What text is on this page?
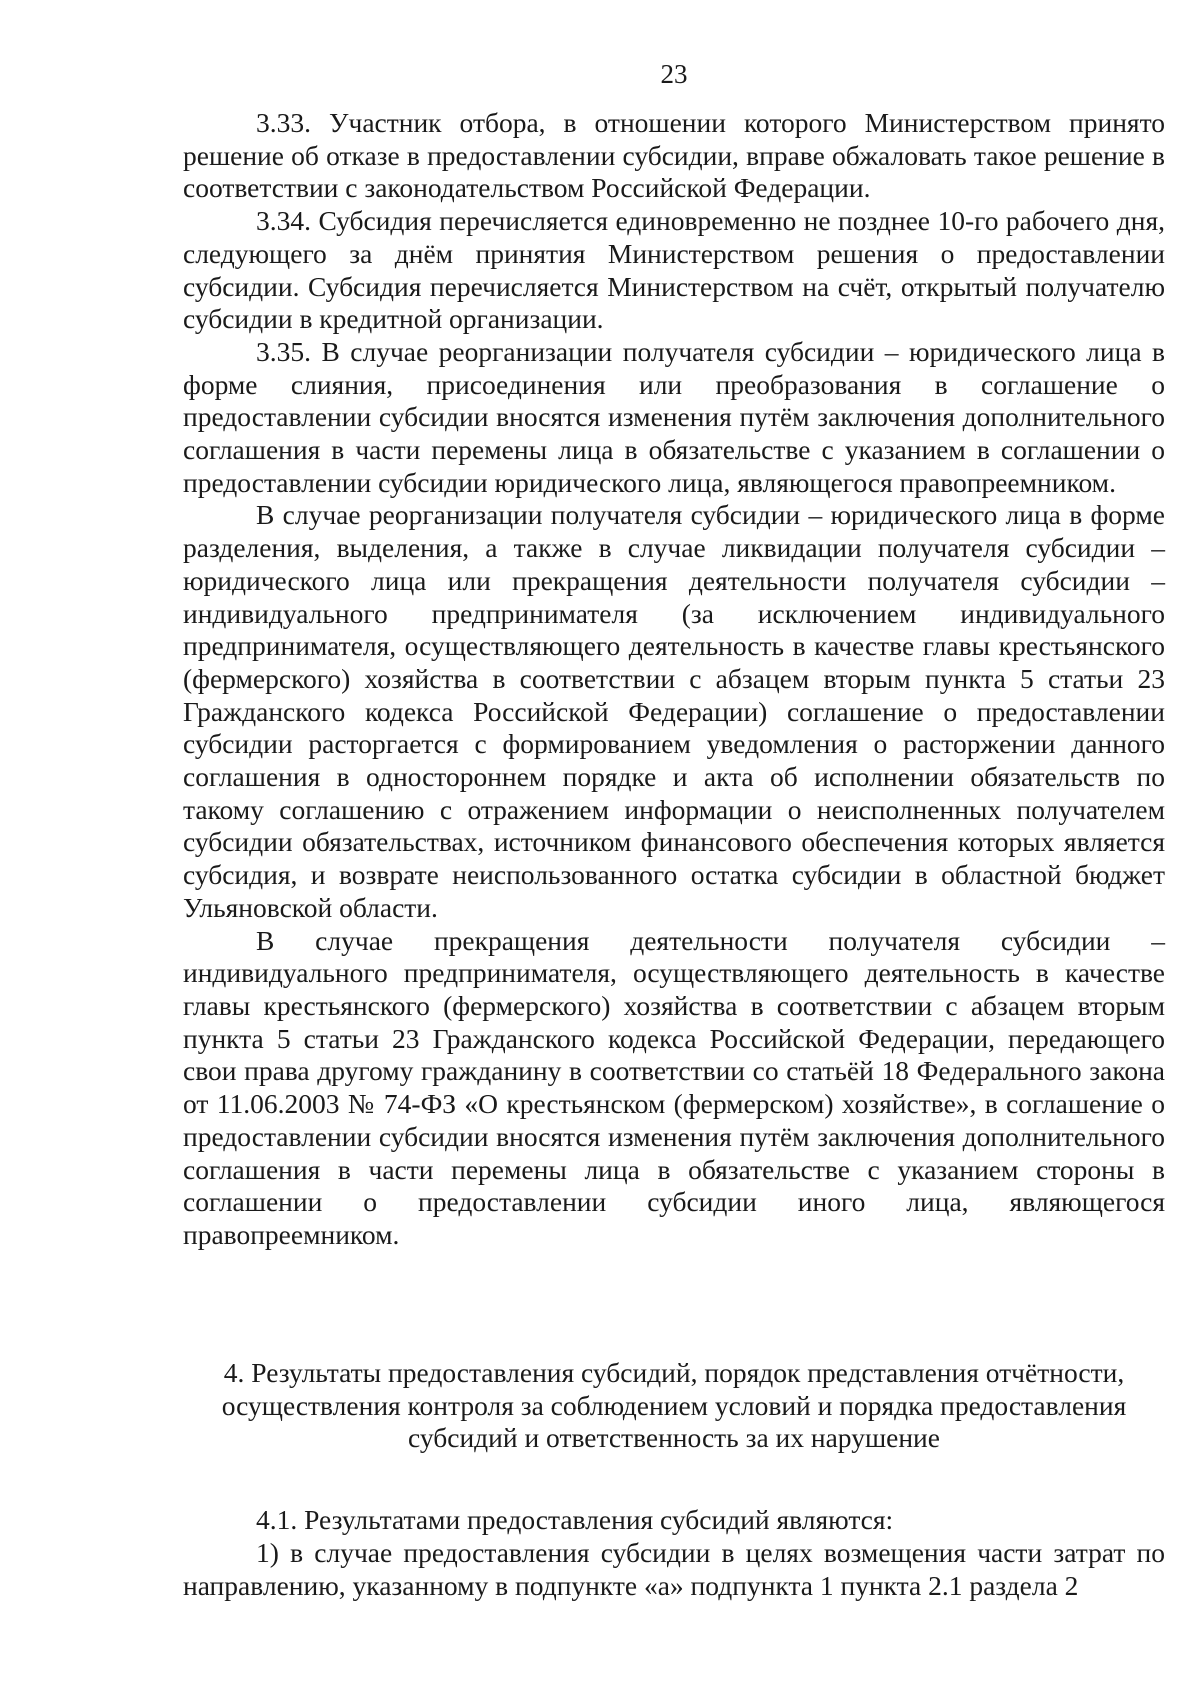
23

3.33. Участник отбора, в отношении которого Министерством принято решение об отказе в предоставлении субсидии, вправе обжаловать такое решение в соответствии с законодательством Российской Федерации.

3.34. Субсидия перечисляется единовременно не позднее 10-го рабочего дня, следующего за днём принятия Министерством решения о предоставлении субсидии. Субсидия перечисляется Министерством на счёт, открытый получателю субсидии в кредитной организации.

3.35. В случае реорганизации получателя субсидии – юридического лица в форме слияния, присоединения или преобразования в соглашение о предоставлении субсидии вносятся изменения путём заключения дополнительного соглашения в части перемены лица в обязательстве с указанием в соглашении о предоставлении субсидии юридического лица, являющегося правопреемником.

В случае реорганизации получателя субсидии – юридического лица в форме разделения, выделения, а также в случае ликвидации получателя субсидии – юридического лица или прекращения деятельности получателя субсидии – индивидуального предпринимателя (за исключением индивидуального предпринимателя, осуществляющего деятельность в качестве главы крестьянского (фермерского) хозяйства в соответствии с абзацем вторым пункта 5 статьи 23 Гражданского кодекса Российской Федерации) соглашение о предоставлении субсидии расторгается с формированием уведомления о расторжении данного соглашения в одностороннем порядке и акта об исполнении обязательств по такому соглашению с отражением информации о неисполненных получателем субсидии обязательствах, источником финансового обеспечения которых является субсидия, и возврате неиспользованного остатка субсидии в областной бюджет Ульяновской области.

В случае прекращения деятельности получателя субсидии – индивидуального предпринимателя, осуществляющего деятельность в качестве главы крестьянского (фермерского) хозяйства в соответствии с абзацем вторым пункта 5 статьи 23 Гражданского кодекса Российской Федерации, передающего свои права другому гражданину в соответствии со статьёй 18 Федерального закона от 11.06.2003 № 74-ФЗ «О крестьянском (фермерском) хозяйстве», в соглашение о предоставлении субсидии вносятся изменения путём заключения дополнительного соглашения в части перемены лица в обязательстве с указанием стороны в соглашении о предоставлении субсидии иного лица, являющегося правопреемником.

4. Результаты предоставления субсидий, порядок представления отчётности,
осуществления контроля за соблюдением условий и порядка предоставления
субсидий и ответственность за их нарушение

4.1. Результатами предоставления субсидий являются:

1) в случае предоставления субсидии в целях возмещения части затрат по направлению, указанному в подпункте «а» подпункта 1 пункта 2.1 раздела 2
